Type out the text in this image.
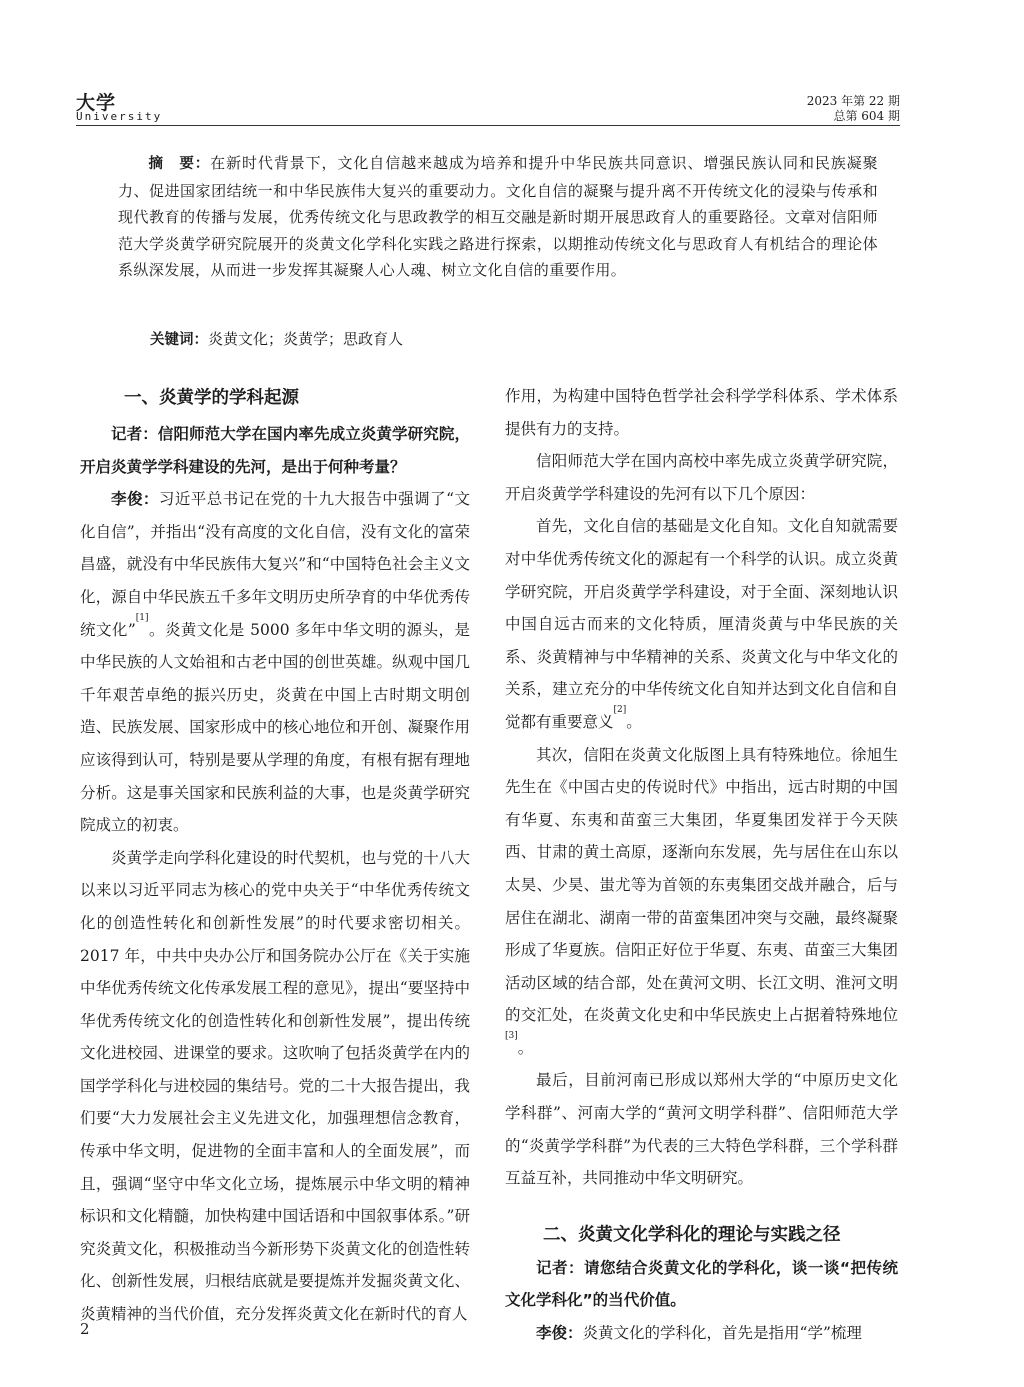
大学
University
2023 年第 22 期
总第 604 期
摘　要：在新时代背景下，文化自信越来越成为培养和提升中华民族共同意识、增强民族认同和民族凝聚力、促进国家团结统一和中华民族伟大复兴的重要动力。文化自信的凝聚与提升离不开传统文化的浸染与传承和现代教育的传播与发展，优秀传统文化与思政教学的相互交融是新时期开展思政育人的重要路径。文章对信阳师范大学炎黄学研究院展开的炎黄文化学科化实践之路进行探索，以期推动传统文化与思政育人有机结合的理论体系纵深发展，从而进一步发挥其凝聚人心人魂、树立文化自信的重要作用。
关键词：炎黄文化；炎黄学；思政育人
一、炎黄学的学科起源

记者：信阳师范大学在国内率先成立炎黄学研究院，开启炎黄学学科建设的先河，是出于何种考量？

李俊：习近平总书记在党的十九大报告中强调了“文化自信”，并指出“没有高度的文化自信，没有文化的富荣昌盛，就没有中华民族伟大复兴”和“中国特色社会主义文化，源自中华民族五千多年文明历史所孕育的中华优秀传统文化”[1]。炎黄文化是 5000 多年中华文明的源头，是中华民族的人文始祖和古老中国的创世英雄。纵观中国几千年艰苦卓绝的振兴历史，炎黄在中国上古时期文明创造、民族发展、国家形成中的核心地位和开创、凝聚作用应该得到认可，特别是要从学理的角度，有根有据有理地分析。这是事关国家和民族利益的大事，也是炎黄学研究院成立的初衷。

炎黄学走向学科化建设的时代契机，也与党的十八大以来以习近平同志为核心的党中央关于“中华优秀传统文化的创造性转化和创新性发展”的时代要求密切相关。2017 年，中共中央办公厅和国务院办公厅在《关于实施中华优秀传统文化传承发展工程的意见》，提出“要坚持中华优秀传统文化的创造性转化和创新性发展”，提出传统文化进校园、进课堂的要求。这吹响了包括炎黄学在内的国学学科化与进校园的集结号。党的二十大报告提出，我们要“大力发展社会主义先进文化，加强理想信念教育，传承中华文明，促进物的全面丰富和人的全面发展”，而且，强调“坚守中华文化立场，提炼展示中华文明的精神标识和文化精髓，加快构建中国话语和中国叙事体系。”研究炎黄文化，积极推动当今新形势下炎黄文化的创造性转化、创新性发展，归根结底就是要提炼并发掘炎黄文化、炎黄精神的当代价值，充分发挥炎黄文化在新时代的育人

作用，为构建中国特色哲学社会科学学科体系、学术体系提供有力的支持。

信阳师范大学在国内高校中率先成立炎黄学研究院，开启炎黄学学科建设的先河有以下几个原因：

首先，文化自信的基础是文化自知。文化自知就需要对中华优秀传统文化的源起有一个科学的认识。成立炎黄学研究院，开启炎黄学学科建设，对于全面、深刻地认识中国自远古而来的文化特质，厘清炎黄与中华民族的关系、炎黄精神与中华精神的关系、炎黄文化与中华文化的关系，建立充分的中华传统文化自知并达到文化自信和自觉都有重要意义[2]。

其次，信阳在炎黄文化版图上具有特殊地位。徐旭生先生在《中国古史的传说时代》中指出，远古时期的中国有华夏、东夷和苗蛮三大集团，华夏集团发祥于今天陕西、甘肃的黄土高原，逐渐向东发展，先与居住在山东以太昊、少昊、蚩尤等为首领的东夷集团交战并融合，后与居住在湖北、湖南一带的苗蛮集团冲突与交融，最终凝聚形成了华夏族。信阳正好位于华夏、东夷、苗蛮三大集团活动区域的结合部，处在黄河文明、长江文明、淮河文明的交汇处，在炎黄文化史和中华民族史上占据着特殊地位[3]。

最后，目前河南已形成以郑州大学的“中原历史文化学科群”、河南大学的“黄河文明学科群”、信阳师范大学的“炎黄学学科群”为代表的三大特色学科群，三个学科群互益互补，共同推动中华文明研究。

二、炎黄文化学科化的理论与实践之径

记者：请您结合炎黄文化的学科化，谈一谈“把传统文化学科化”的当代价值。

李俊：炎黄文化的学科化，首先是指用“学”梳理

2
